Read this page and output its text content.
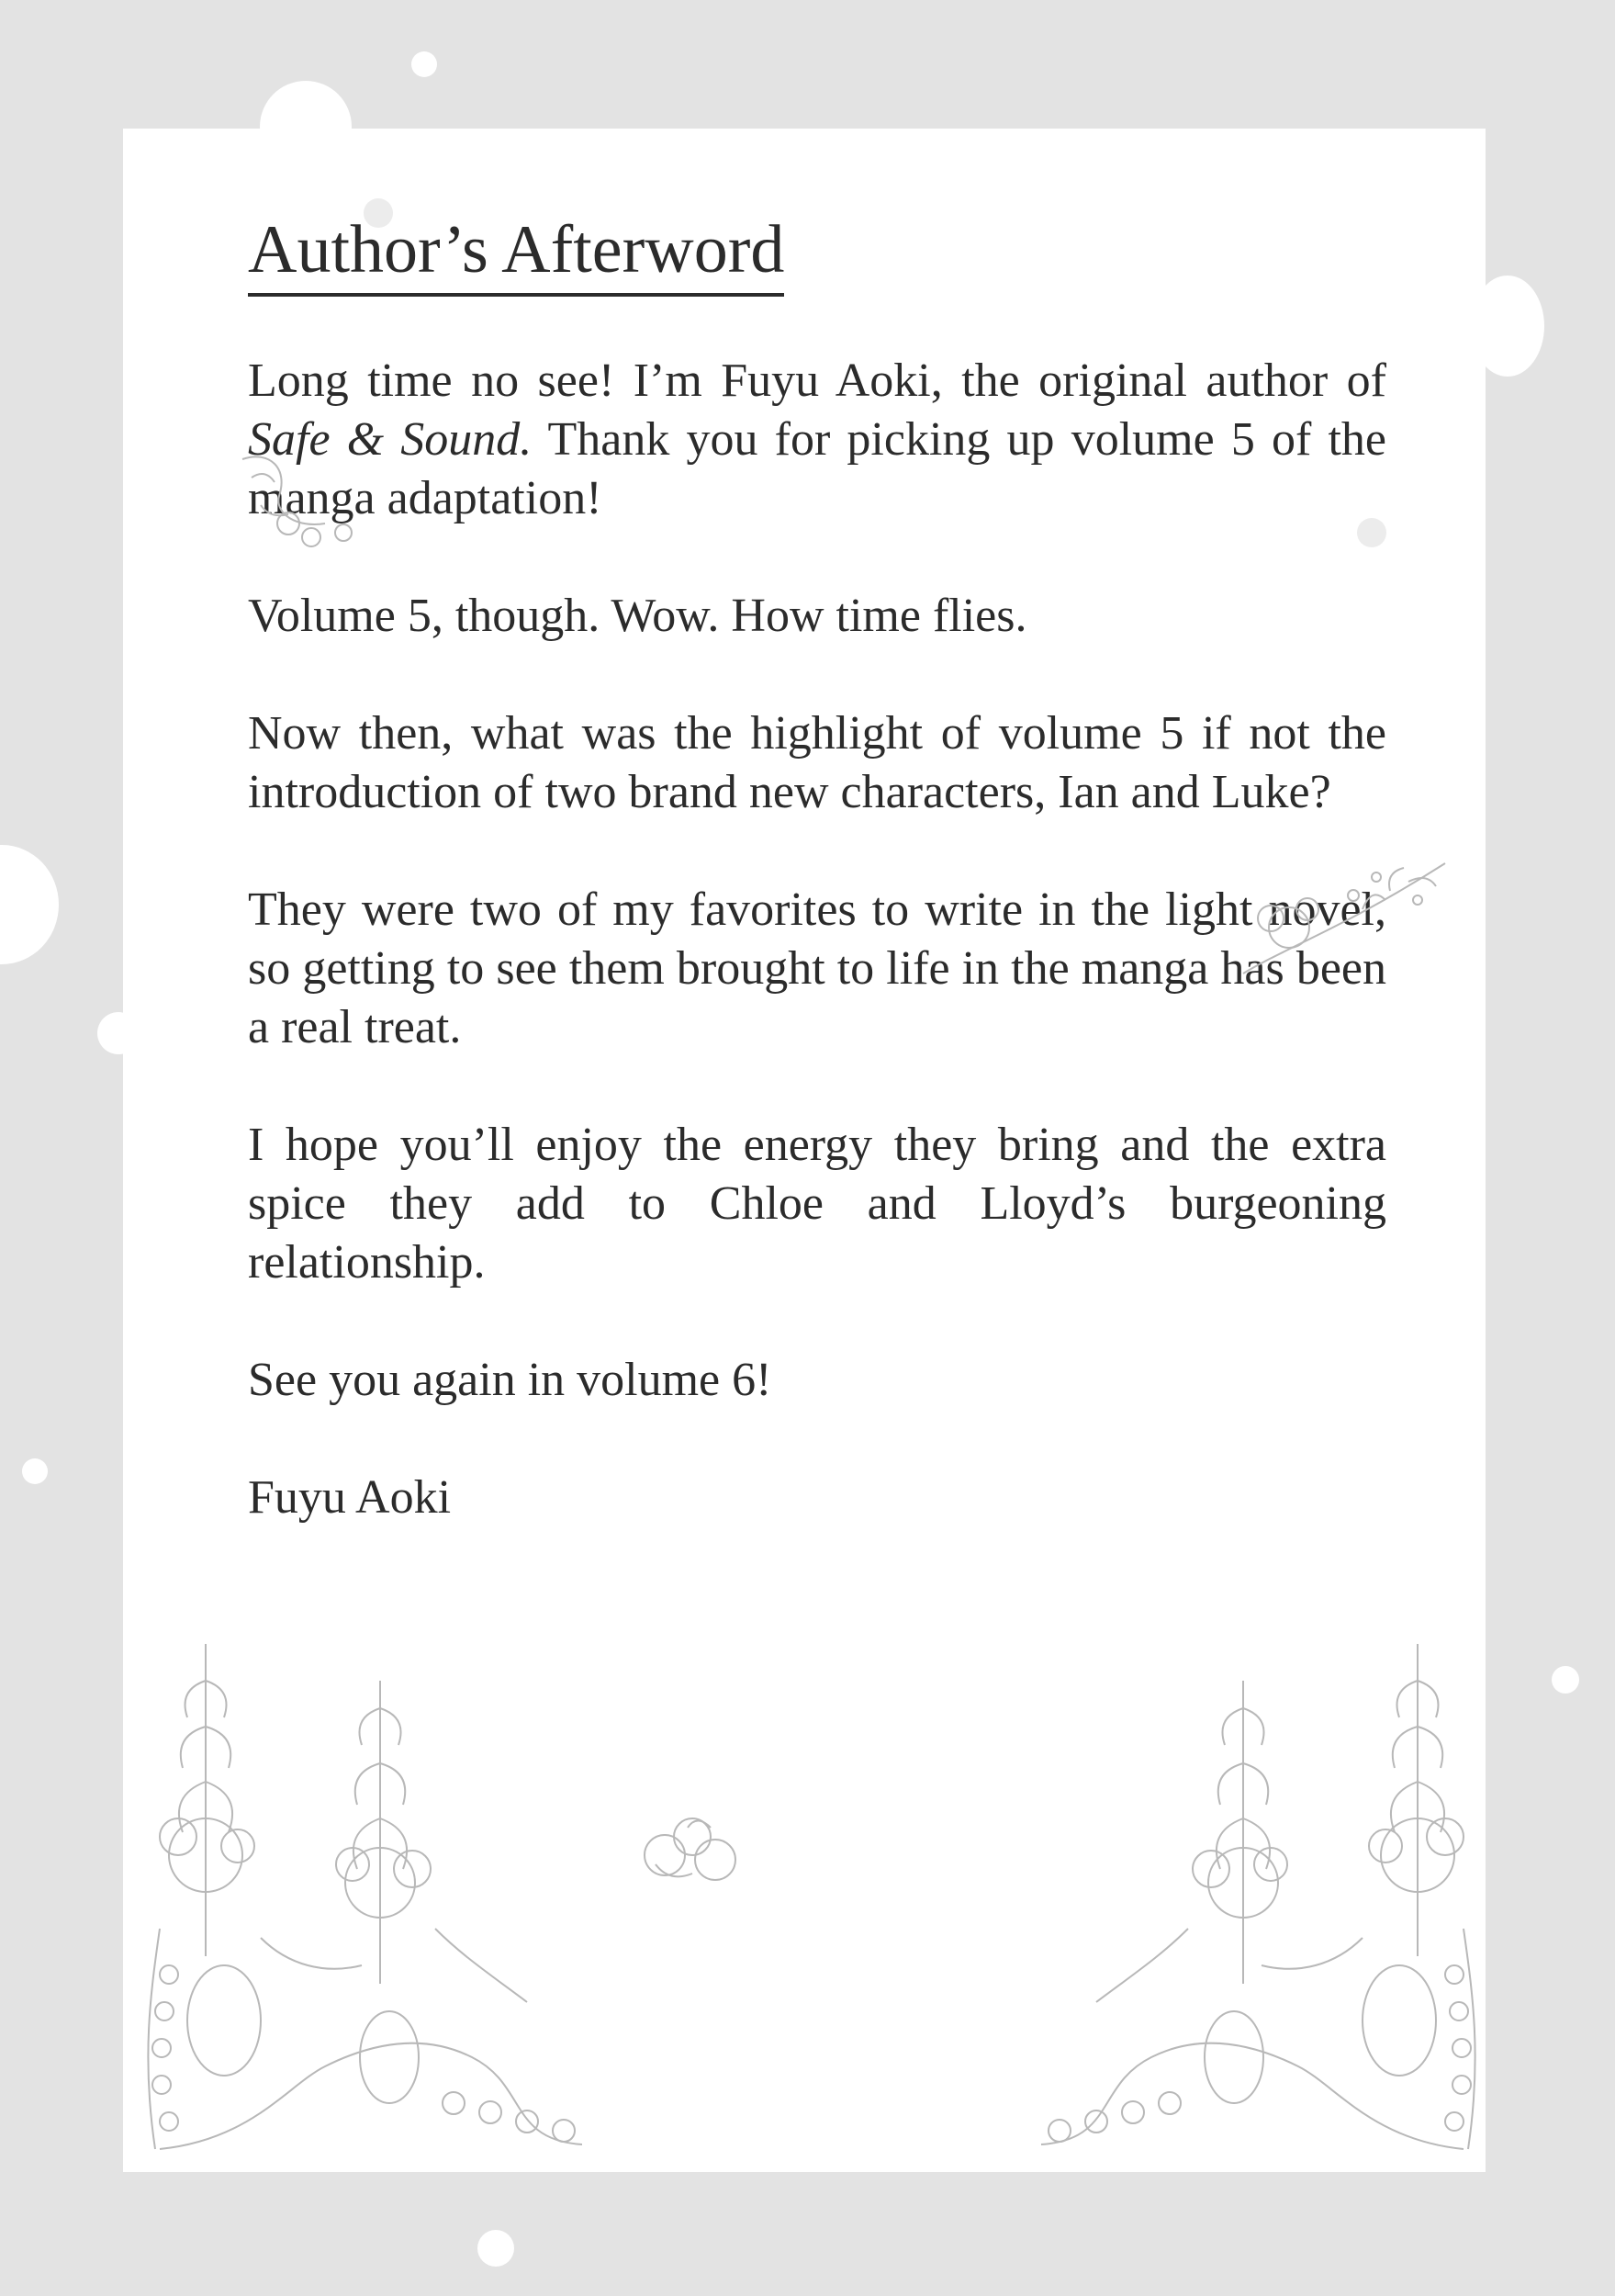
Author’s Afterword

Long time no see! I’m Fuyu Aoki, the original author of Safe & Sound. Thank you for picking up volume 5 of the manga adaptation!

Volume 5, though. Wow. How time flies.

Now then, what was the highlight of volume 5 if not the introduction of two brand new characters, Ian and Luke?

They were two of my favorites to write in the light novel, so getting to see them brought to life in the manga has been a real treat.

I hope you’ll enjoy the energy they bring and the extra spice they add to Chloe and Lloyd’s burgeoning relationship.

See you again in volume 6!

Fuyu Aoki
